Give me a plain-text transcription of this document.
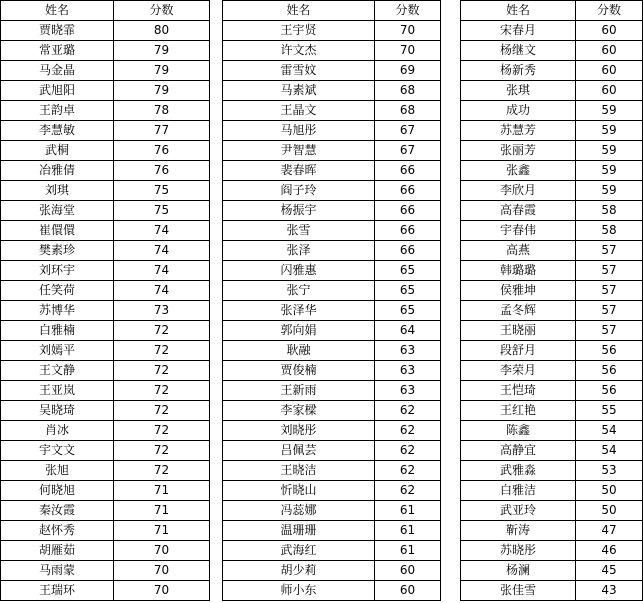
姓名	分数		姓名	分数		姓名	分数
贾晓霏	80		王宇贤	70		宋春月	60
常亚璐	79		许文杰	70		杨继文	60
马金晶	79		雷雪妏	69		杨新秀	60
武旭阳	79		马素斌	68		张琪	60
王韵卓	78		王晶文	68		成功	59
李慧敏	77		马旭彤	67		苏慧芳	59
武桐	76		尹智慧	67		张丽芳	59
冶雅倩	76		裴春晖	66		张鑫	59
刘琪	75		阎子玲	66		李欣月	59
张海堂	75		杨振宇	66		高春霞	58
崔儇儇	74		张雪	66		宇春伟	58
樊素珍	74		张泽	66		高燕	57
刘环宇	74		闪雅惠	65		韩璐璐	57
任笑荷	74		张宁	65		侯雅坤	57
苏博华	73		张泽华	65		孟冬辉	57
白雅楠	72		郭向娟	64		王晓丽	57
刘嫣平	72		耿融	63		段舒月	56
王文静	72		贾俊楠	63		李荣月	56
王亚岚	72		王新雨	63		王恺琦	56
吴晓琦	72		李家樑	62		王红艳	55
肖冰	72		刘晓彤	62		陈鑫	54
宇文文	72		吕佩芸	62		高静宜	54
张旭	72		王晓洁	62		武雅淼	53
何晓旭	71		忻晓山	62		白雅洁	50
秦汝霞	71		冯蕊娜	61		武亚玲	50
赵怀秀	71		温珊珊	61		靳涛	47
胡雁茹	70		武海红	61		苏晓彤	46
马雨蒙	70		胡少莉	60		杨澜	45
王瑞环	70		师小东	60		张佳雪	43
